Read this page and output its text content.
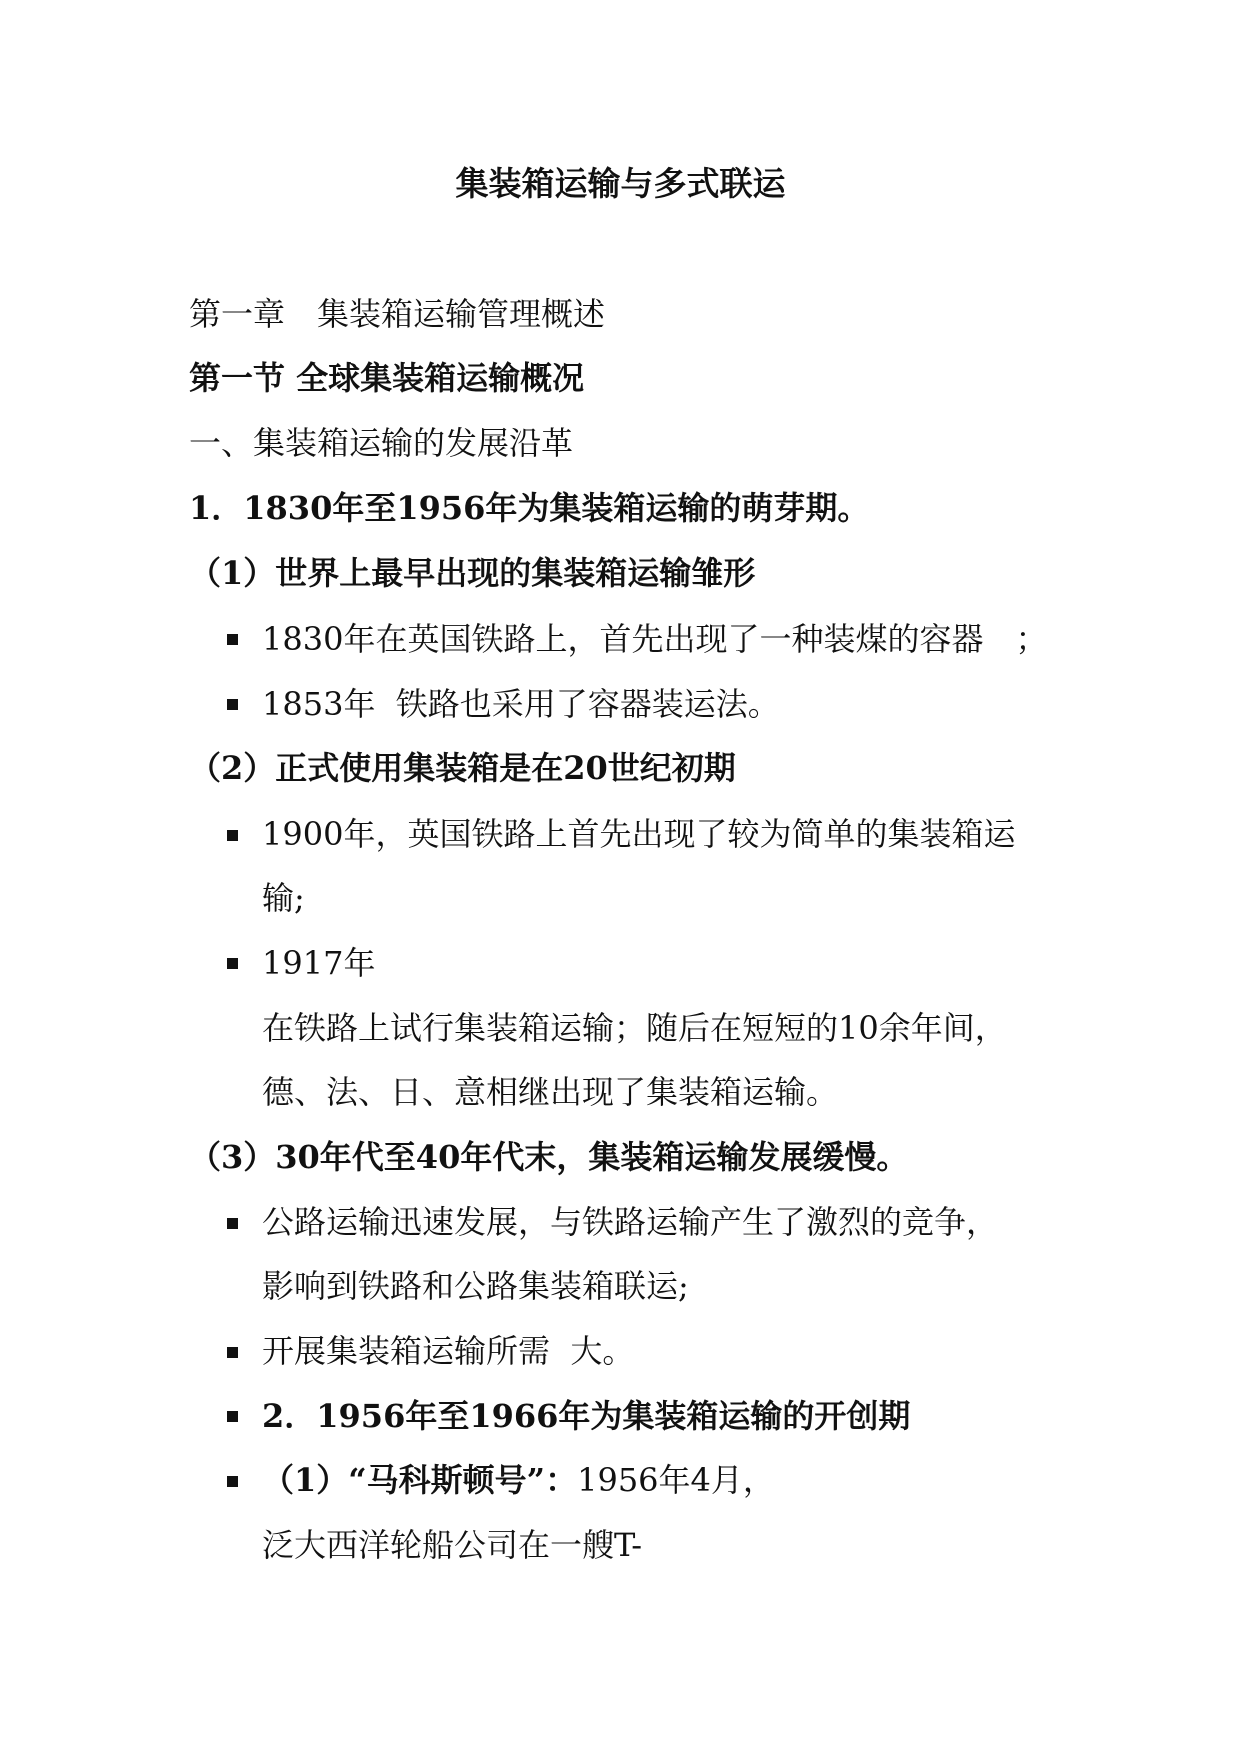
集装箱运输与多式联运
第一章　集装箱运输管理概述
第一节 全球集装箱运输概况
一、集装箱运输的发展沿革
1．1830年至1956年为集装箱运输的萌芽期。
（1）世界上最早出现的集装箱运输雏形
1830年在英国铁路上，首先出现了一种装煤的容器　；
1853年  铁路也采用了容器装运法。
（2）正式使用集装箱是在20世纪初期
1900年，英国铁路上首先出现了较为简单的集装箱运
输;
1917年
在铁路上试行集装箱运输；随后在短短的10余年间，
德、法、日、意相继出现了集装箱运输。
（3）30年代至40年代末，集装箱运输发展缓慢。
公路运输迅速发展，与铁路运输产生了激烈的竞争，
影响到铁路和公路集装箱联运;
开展集装箱运输所需  大。
2．1956年至1966年为集装箱运输的开创期
（1）“马科斯顿号”：1956年4月，
泛大西洋轮船公司在一艘T-
